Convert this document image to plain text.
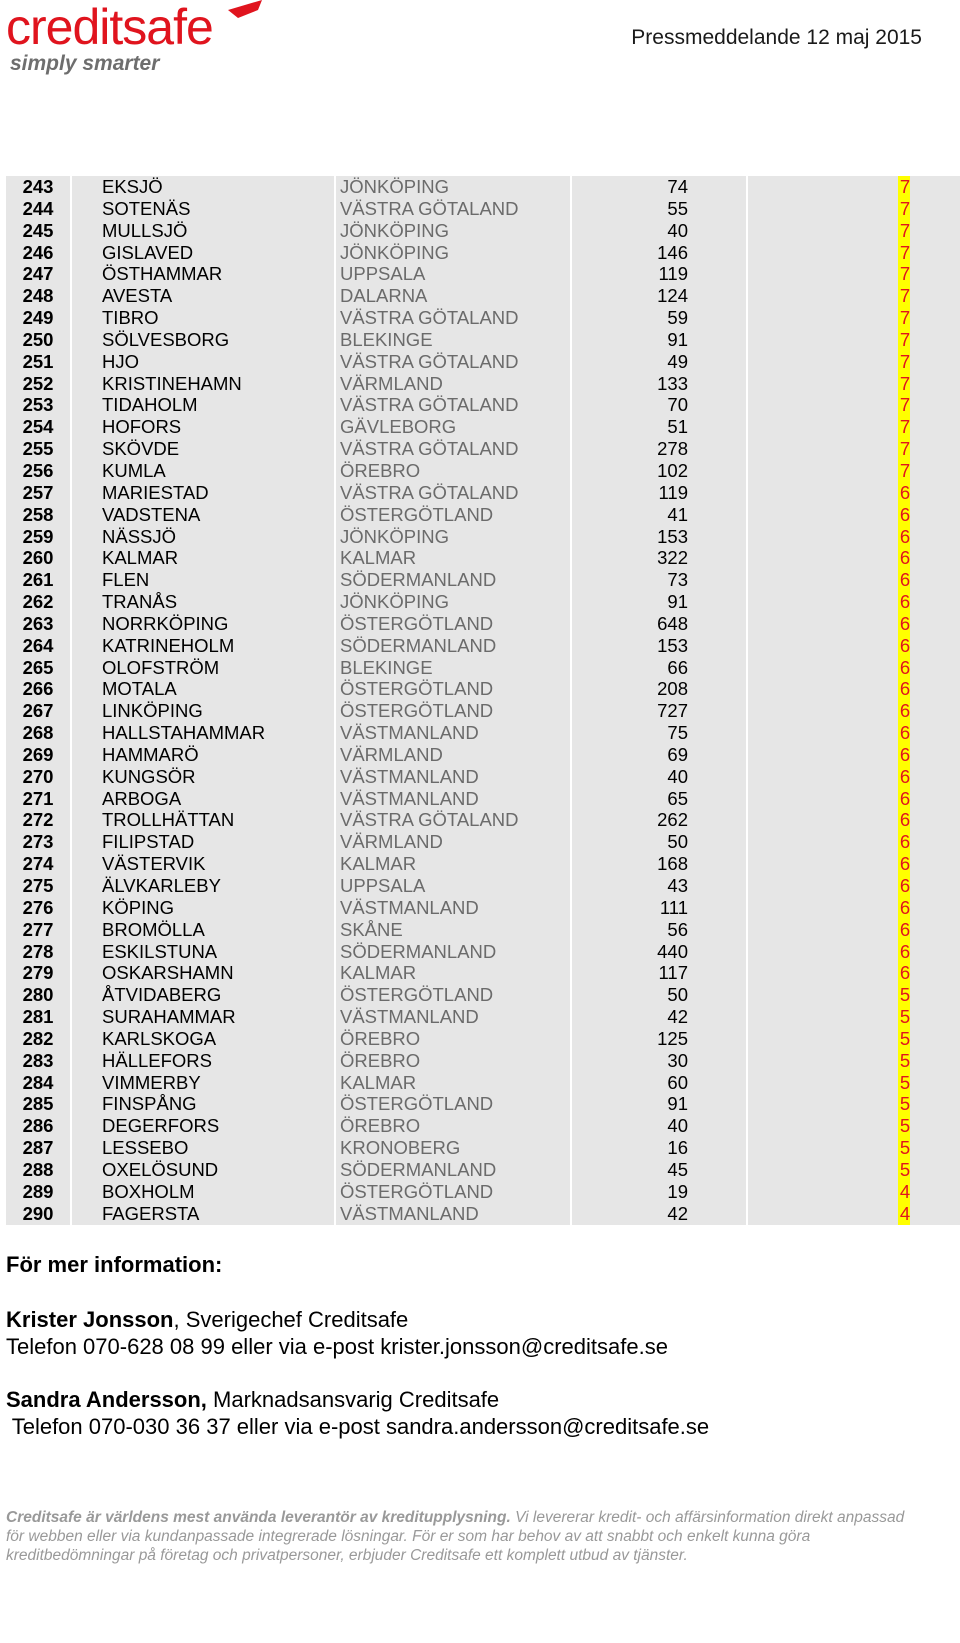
creditsafe
simply smarter
Pressmeddelande 12 maj 2015
243	EKSJÖ	JÖNKÖPING	74		7	
244	SOTENÄS	VÄSTRA GÖTALAND	55		7	
245	MULLSJÖ	JÖNKÖPING	40		7	
246	GISLAVED	JÖNKÖPING	146		7	
247	ÖSTHAMMAR	UPPSALA	119		7	
248	AVESTA	DALARNA	124		7	
249	TIBRO	VÄSTRA GÖTALAND	59		7	
250	SÖLVESBORG	BLEKINGE	91		7	
251	HJO	VÄSTRA GÖTALAND	49		7	
252	KRISTINEHAMN	VÄRMLAND	133		7	
253	TIDAHOLM	VÄSTRA GÖTALAND	70		7	
254	HOFORS	GÄVLEBORG	51		7	
255	SKÖVDE	VÄSTRA GÖTALAND	278		7	
256	KUMLA	ÖREBRO	102		7	
257	MARIESTAD	VÄSTRA GÖTALAND	119		6	
258	VADSTENA	ÖSTERGÖTLAND	41		6	
259	NÄSSJÖ	JÖNKÖPING	153		6	
260	KALMAR	KALMAR	322		6	
261	FLEN	SÖDERMANLAND	73		6	
262	TRANÅS	JÖNKÖPING	91		6	
263	NORRKÖPING	ÖSTERGÖTLAND	648		6	
264	KATRINEHOLM	SÖDERMANLAND	153		6	
265	OLOFSTRÖM	BLEKINGE	66		6	
266	MOTALA	ÖSTERGÖTLAND	208		6	
267	LINKÖPING	ÖSTERGÖTLAND	727		6	
268	HALLSTAHAMMAR	VÄSTMANLAND	75		6	
269	HAMMARÖ	VÄRMLAND	69		6	
270	KUNGSÖR	VÄSTMANLAND	40		6	
271	ARBOGA	VÄSTMANLAND	65		6	
272	TROLLHÄTTAN	VÄSTRA GÖTALAND	262		6	
273	FILIPSTAD	VÄRMLAND	50		6	
274	VÄSTERVIK	KALMAR	168		6	
275	ÄLVKARLEBY	UPPSALA	43		6	
276	KÖPING	VÄSTMANLAND	111		6	
277	BROMÖLLA	SKÅNE	56		6	
278	ESKILSTUNA	SÖDERMANLAND	440		6	
279	OSKARSHAMN	KALMAR	117		6	
280	ÅTVIDABERG	ÖSTERGÖTLAND	50		5	
281	SURAHAMMAR	VÄSTMANLAND	42		5	
282	KARLSKOGA	ÖREBRO	125		5	
283	HÄLLEFORS	ÖREBRO	30		5	
284	VIMMERBY	KALMAR	60		5	
285	FINSPÅNG	ÖSTERGÖTLAND	91		5	
286	DEGERFORS	ÖREBRO	40		5	
287	LESSEBO	KRONOBERG	16		5	
288	OXELÖSUND	SÖDERMANLAND	45		5	
289	BOXHOLM	ÖSTERGÖTLAND	19		4	
290	FAGERSTA	VÄSTMANLAND	42		4	
För mer information:

Krister Jonsson, Sverigechef Creditsafe

Telefon 070-628 08 99 eller via e-post krister.jonsson@creditsafe.se

Sandra Andersson, Marknadsansvarig Creditsafe

Telefon 070-030 36 37 eller via e-post sandra.andersson@creditsafe.se

Creditsafe är världens mest använda leverantör av kreditupplysning. Vi levererar kredit- och affärsinformation direkt anpassad för webben eller via kundanpassade integrerade lösningar. För er som har behov av att snabbt och enkelt kunna göra kreditbedömningar på företag och privatpersoner, erbjuder Creditsafe ett komplett utbud av tjänster.
